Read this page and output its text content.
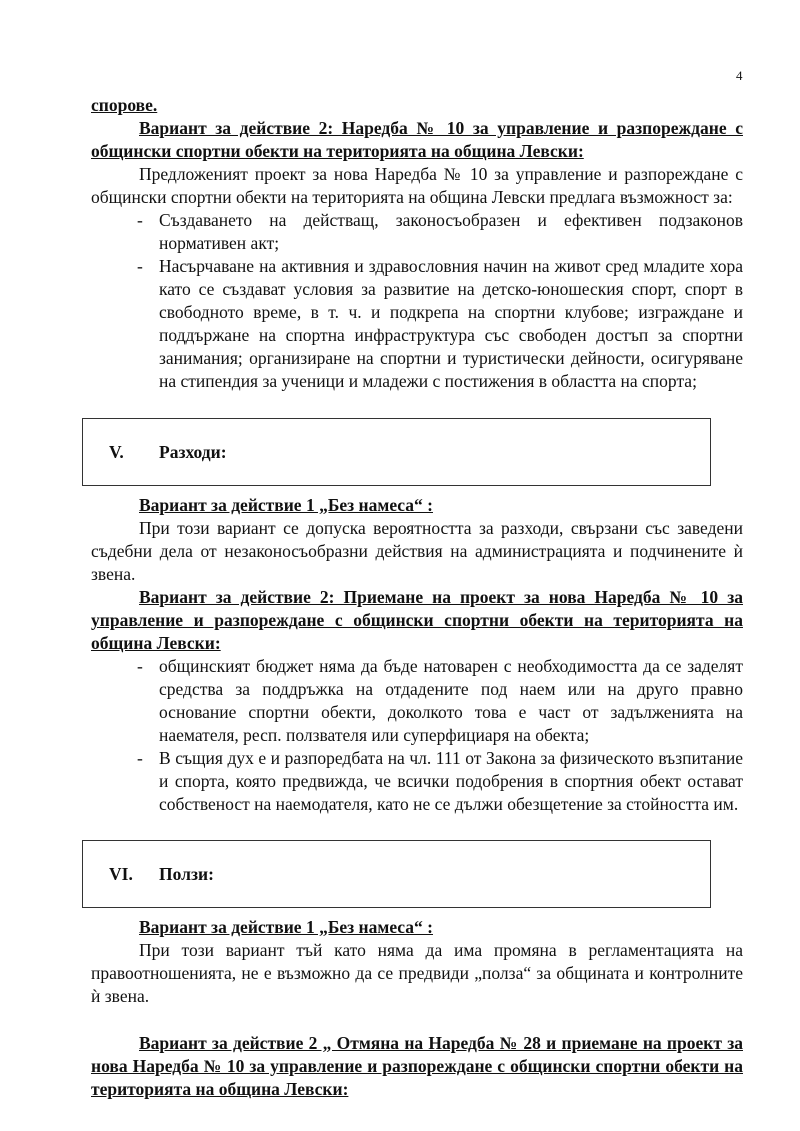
4

спорове.

Вариант за действие 2: Наредба № 10 за управление и разпореждане с общински спортни обекти на територията на община Левски:

Предложеният проект за нова Наредба № 10 за управление и разпореждане с общински спортни обекти на територията на община Левски предлага възможност за:

- Създаването на действащ, законосъобразен и ефективен подзаконов нормативен акт;
- Насърчаване на активния и здравословния начин на живот сред младите хора като се създават условия за развитие на детско-юношеския спорт, спорт в свободното време, в т. ч. и подкрепа на спортни клубове; изграждане и поддържане на спортна инфраструктура със свободен достъп за спортни занимания; организиране на спортни и туристически дейности, осигуряване на стипендия за ученици и младежи с постижения в областта на спорта;
V. Разходи:

Вариант за действие 1 „Без намеса“ :

При този вариант се допуска вероятността за разходи, свързани със заведени съдебни дела от незаконосъобразни действия на администрацията и подчинените ѝ звена.

Вариант за действие 2: Приемане на проект за нова Наредба № 10 за управление и разпореждане с общински спортни обекти на територията на община Левски:

- общинският бюджет няма да бъде натоварен с необходимостта да се заделят средства за поддръжка на отдадените под наем или на друго правно основание спортни обекти, доколкото това е част от задълженията на наемателя, респ. ползвателя или суперфициаря на обекта;
- В същия дух е и разпоредбата на чл. 111 от Закона за физическото възпитание и спорта, която предвижда, че всички подобрения в спортния обект остават собственост на наемодателя, като не се дължи обезщетение за стойността им.
VI. Ползи:

Вариант за действие 1 „Без намеса“ :

При този вариант тъй като няма да има промяна в регламентацията на правоотношенията, не е възможно да се предвиди „полза“ за общината и контролните ѝ звена.

Вариант за действие 2 „ Отмяна на Наредба № 28 и приемане на проект за нова Наредба № 10 за управление и разпореждане с общински спортни обекти на територията на община Левски:
